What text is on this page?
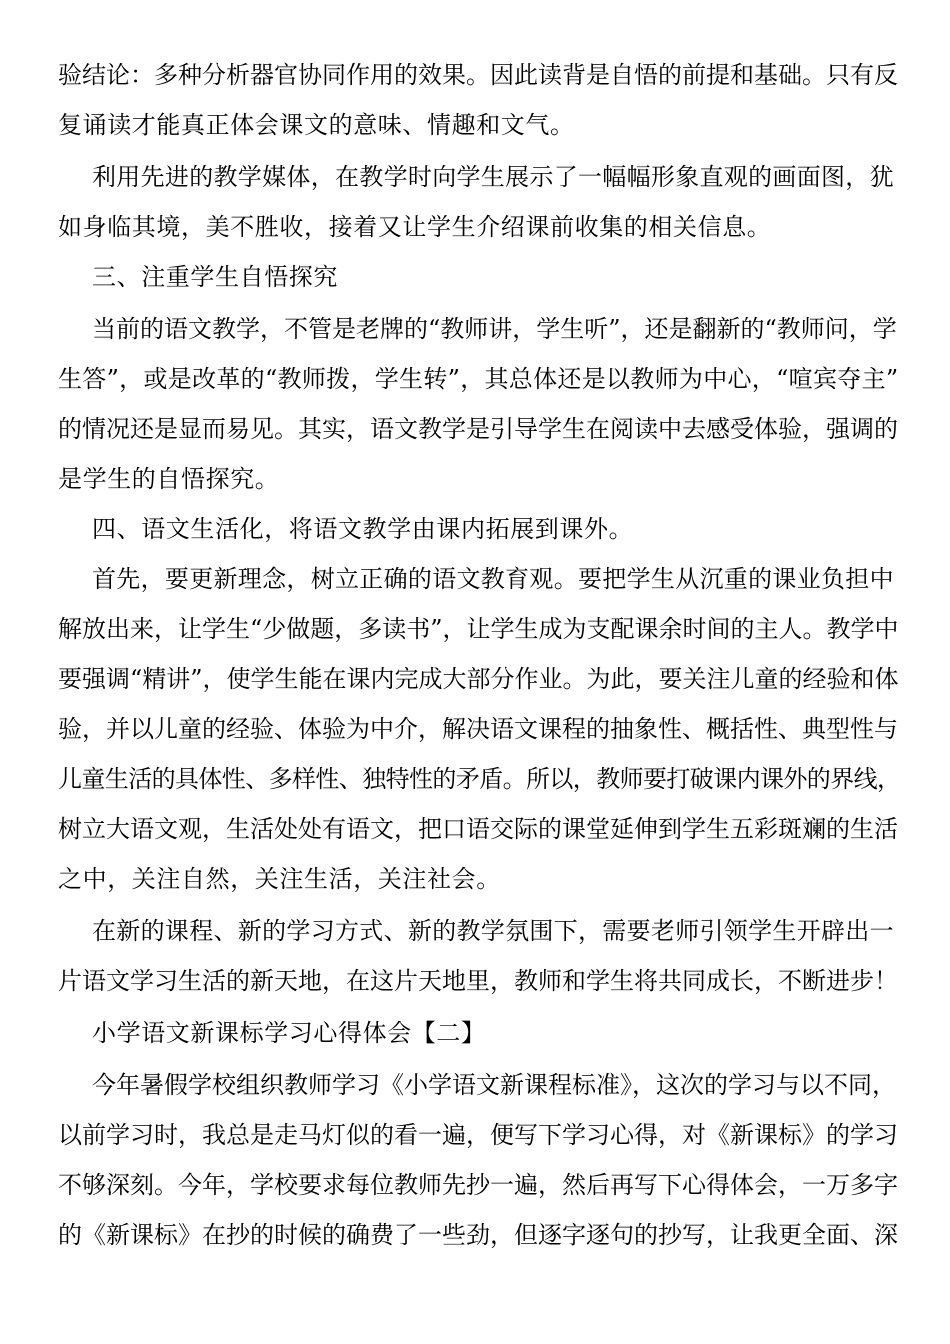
验结论：多种分析器官协同作用的效果。因此读背是自悟的前提和基础。只有反
复诵读才能真正体会课文的意味、情趣和文气。
利用先进的教学媒体，在教学时向学生展示了一幅幅形象直观的画面图，犹
如身临其境，美不胜收，接着又让学生介绍课前收集的相关信息。
三、注重学生自悟探究
当前的语文教学，不管是老牌的“教师讲，学生听”，还是翻新的“教师问，学
生答”，或是改革的“教师拨，学生转”，其总体还是以教师为中心，“喧宾夺主”
的情况还是显而易见。其实，语文教学是引导学生在阅读中去感受体验，强调的
是学生的自悟探究。
四、语文生活化，将语文教学由课内拓展到课外。
首先，要更新理念，树立正确的语文教育观。要把学生从沉重的课业负担中
解放出来，让学生“少做题，多读书”，让学生成为支配课余时间的主人。教学中
要强调“精讲”，使学生能在课内完成大部分作业。为此，要关注儿童的经验和体
验，并以儿童的经验、体验为中介，解决语文课程的抽象性、概括性、典型性与
儿童生活的具体性、多样性、独特性的矛盾。所以，教师要打破课内课外的界线，
树立大语文观，生活处处有语文，把口语交际的课堂延伸到学生五彩斑斓的生活
之中，关注自然，关注生活，关注社会。
在新的课程、新的学习方式、新的教学氛围下，需要老师引领学生开辟出一
片语文学习生活的新天地，在这片天地里，教师和学生将共同成长，不断进步！
小学语文新课标学习心得体会【二】
今年暑假学校组织教师学习《小学语文新课程标准》，这次的学习与以不同，
以前学习时，我总是走马灯似的看一遍，便写下学习心得，对《新课标》的学习
不够深刻。今年，学校要求每位教师先抄一遍，然后再写下心得体会，一万多字
的《新课标》在抄的时候的确费了一些劲，但逐字逐句的抄写，让我更全面、深
